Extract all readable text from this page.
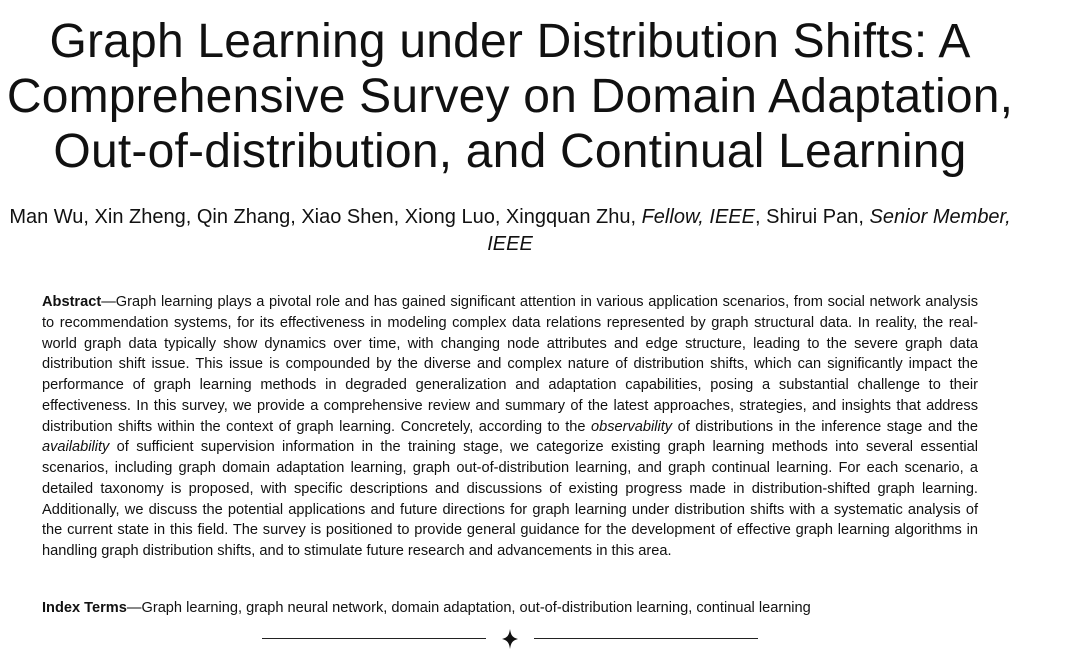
Graph Learning under Distribution Shifts: A
Comprehensive Survey on Domain Adaptation,
Out-of-distribution, and Continual Learning
Man Wu, Xin Zheng, Qin Zhang, Xiao Shen, Xiong Luo, Xingquan Zhu, Fellow, IEEE, Shirui Pan, Senior Member, IEEE

Abstract—Graph learning plays a pivotal role and has gained significant attention in various application scenarios, from social network analysis to recommendation systems, for its effectiveness in modeling complex data relations represented by graph structural data. In reality, the real-world graph data typically show dynamics over time, with changing node attributes and edge structure, leading to the severe graph data distribution shift issue. This issue is compounded by the diverse and complex nature of distribution shifts, which can significantly impact the performance of graph learning methods in degraded generalization and adaptation capabilities, posing a substantial challenge to their effectiveness. In this survey, we provide a comprehensive review and summary of the latest approaches, strategies, and insights that address distribution shifts within the context of graph learning. Concretely, according to the observability of distributions in the inference stage and the availability of sufficient supervision information in the training stage, we categorize existing graph learning methods into several essential scenarios, including graph domain adaptation learning, graph out-of-distribution learning, and graph continual learning. For each scenario, a detailed taxonomy is proposed, with specific descriptions and discussions of existing progress made in distribution-shifted graph learning. Additionally, we discuss the potential applications and future directions for graph learning under distribution shifts with a systematic analysis of the current state in this field. The survey is positioned to provide general guidance for the development of effective graph learning algorithms in handling graph distribution shifts, and to stimulate future research and advancements in this area.

Index Terms—Graph learning, graph neural network, domain adaptation, out-of-distribution learning, continual learning
